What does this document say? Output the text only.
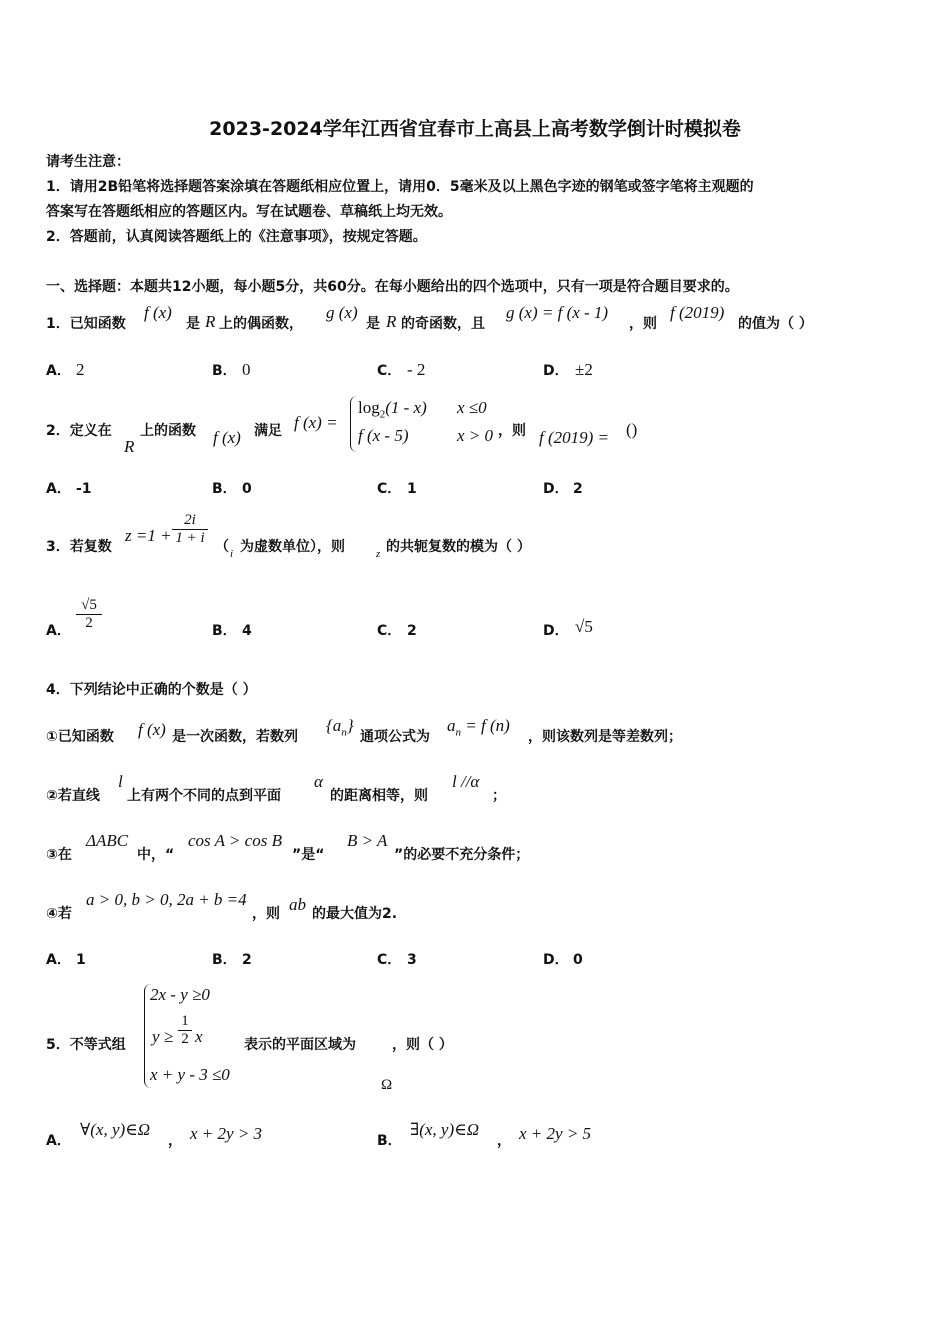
2023-2024学年江西省宜春市上高县上高考数学倒计时模拟卷
请考生注意：
1．请用2B铅笔将选择题答案涂填在答题纸相应位置上，请用0．5毫米及以上黑色字迹的钢笔或签字笔将主观题的
答案写在答题纸相应的答题区内。写在试题卷、草稿纸上均无效。
2．答题前，认真阅读答题纸上的《注意事项》，按规定答题。
一、选择题：本题共12小题，每小题5分，共60分。在每小题给出的四个选项中，只有一项是符合题目要求的。
1．已知函数
f (x)
是 R 上的偶函数，
g (x)
是 R 的奇函数，且
g (x) = f (x - 1)
，则
f (2019)
的值为（ ）
A． 2	B． 0	C． - 2	D． ±2
2．定义在
R
上的函数 f (x) 满足 f (x) =
$\log_2(1 - x)$ x ≤0
f (x - 5)	x > 0 ，则 f (2019) = ()
A． -1	B． 0	C． 1	D． 2
3．若复数
$z =1 + \frac{2i}{1 + i}$ （ i 为虚数单位），则	z 的共轭复数的模为（ ）
A． $\frac{√5}{2}$	B． 4	C． 2	D． √5
4．下列结论中正确的个数是（ ）
①已知函数 f (x) 是一次函数，若数列
$\{a_n\}$
通项公式为
$a_n = f$ (n)
，则该数列是等差数列；
②若直线
l
上有两个不同的点到平面
α
的距离相等，则
l //α
；
③在
ΔABC
中，“
cos A > cos B
”是“
B > A
”的必要不充分条件；
④若
a > 0, b > 0, 2a + b =4
，则 ab 的最大值为2.
A． 1	B． 2	C． 3	D． 0
5．不等式组
2x - y ≥0
$y \ge \frac{1}{2}$ x
x + y - 3 ≤0
表示的平面区域为	，则（ ）
Ω
A．
∀(x, y)∈Ω
， x + 2y > 3	B．
∃(x, y)∈Ω
， x + 2y > 5
